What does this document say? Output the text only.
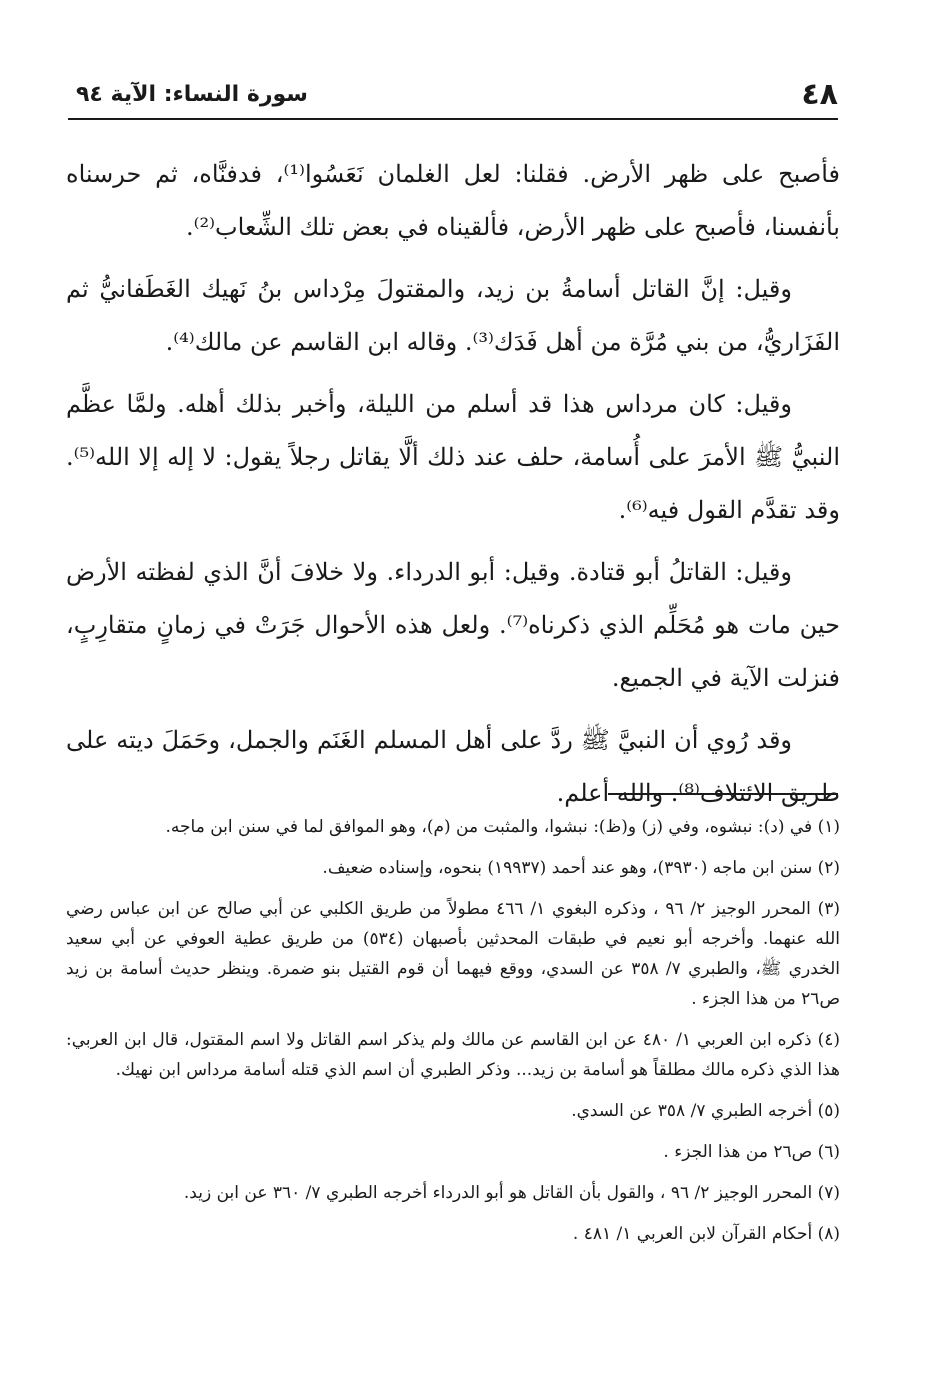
٤٨
سورة النساء: الآية ٩٤

فأصبح على ظهر الأرض. فقلنا: لعل الغلمان نَعَسُوا⁽¹⁾، فدفنَّاه، ثم حرسناه بأنفسنا، فأصبح على ظهر الأرض، فألقيناه في بعض تلك الشِّعاب⁽²⁾.

وقيل: إنَّ القاتل أسامةُ بن زيد، والمقتولَ مِرْداس بنُ نَهيك الغَطَفانيُّ ثم الفَزَاريُّ، من بني مُرَّة من أهل فَدَك⁽³⁾. وقاله ابن القاسم عن مالك⁽⁴⁾.

وقيل: كان مرداس هذا قد أسلم من الليلة، وأخبر بذلك أهله. ولمَّا عظَّم النبيُّ ﷺ الأمرَ على أُسامة، حلف عند ذلك ألَّا يقاتل رجلاً يقول: لا إله إلا الله⁽⁵⁾. وقد تقدَّم القول فيه⁽⁶⁾.

وقيل: القاتلُ أبو قتادة. وقيل: أبو الدرداء. ولا خلافَ أنَّ الذي لفظته الأرض حين مات هو مُحَلِّم الذي ذكرناه⁽⁷⁾. ولعل هذه الأحوال جَرَتْ في زمانٍ متقارِبٍ، فنزلت الآية في الجميع.

وقد رُوي أن النبيَّ ﷺ ردَّ على أهل المسلم الغَنَم والجمل، وحَمَلَ ديته على طريق الائتلاف⁽⁸⁾. والله أعلم.

(١) في (د): نبشوه، وفي (ز) و(ظ): نبشوا، والمثبت من (م)، وهو الموافق لما في سنن ابن ماجه.
(٢) سنن ابن ماجه (٣٩٣٠)، وهو عند أحمد (١٩٩٣٧) بنحوه، وإسناده ضعيف.
(٣) المحرر الوجيز ٢/ ٩٦ ، وذكره البغوي ١/ ٤٦٦ مطولاً من طريق الكلبي عن أبي صالح عن ابن عباس رضي الله عنهما. وأخرجه أبو نعيم في طبقات المحدثين بأصبهان (٥٣٤) من طريق عطية العوفي عن أبي سعيد الخدري ﷺ، والطبري ٧/ ٣٥٨ عن السدي، ووقع فيهما أن قوم القتيل بنو ضمرة. وينظر حديث أسامة بن زيد ص٢٦ من هذا الجزء .
(٤) ذكره ابن العربي ١/ ٤٨٠ عن ابن القاسم عن مالك ولم يذكر اسم القاتل ولا اسم المقتول، قال ابن العربي: هذا الذي ذكره مالك مطلقاً هو أسامة بن زيد... وذكر الطبري أن اسم الذي قتله أسامة مرداس ابن نهيك.
(٥) أخرجه الطبري ٧/ ٣٥٨ عن السدي.
(٦) ص٢٦ من هذا الجزء .
(٧) المحرر الوجيز ٢/ ٩٦ ، والقول بأن القاتل هو أبو الدرداء أخرجه الطبري ٧/ ٣٦٠ عن ابن زيد.
(٨) أحكام القرآن لابن العربي ١/ ٤٨١ .
